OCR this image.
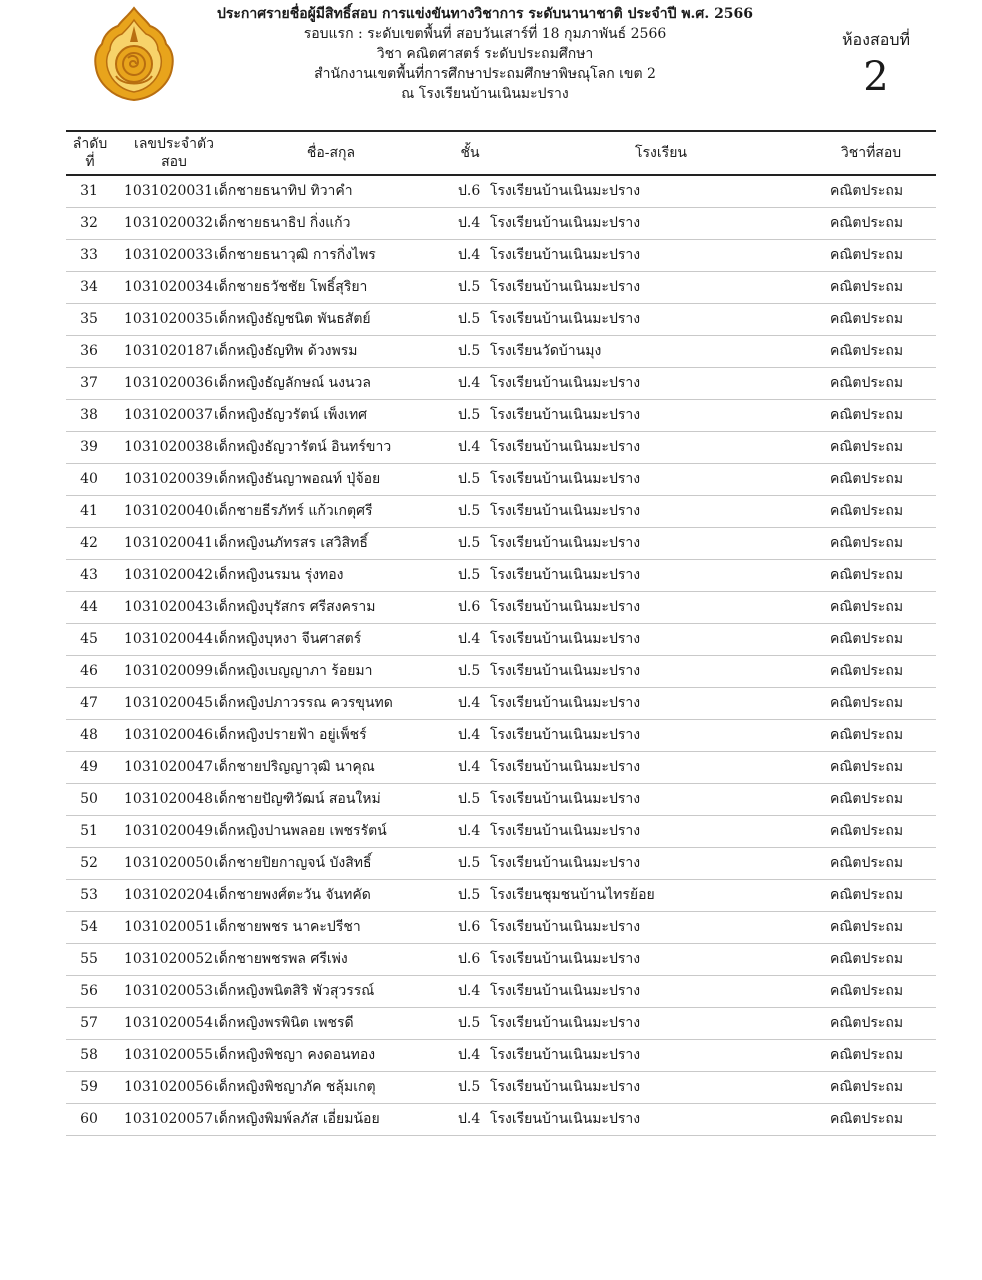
ประกาศรายชื่อผู้มีสิทธิ์สอบ การแข่งขันทางวิชาการ ระดับนานาชาติ ประจำปี พ.ศ. 2566
รอบแรก : ระดับเขตพื้นที่ สอบวันเสาร์ที่ 18 กุมภาพันธ์ 2566
วิชา คณิตศาสตร์ ระดับประถมศึกษา
สำนักงานเขตพื้นที่การศึกษาประถมศึกษาพิษณุโลก เขต 2
ณ โรงเรียนบ้านเนินมะปราง
ห้องสอบที่
2
ลำดับ
ที่
เลขประจำตัว
สอบ
ชื่อ-สกุล	ชั้น	โรงเรียน	วิชาที่สอบ
31	1031020031 เด็กชายธนาทิป ทิวาคำ	ป.6 โรงเรียนบ้านเนินมะปราง	คณิตประถม
32	1031020032 เด็กชายธนาธิป กิ่งแก้ว	ป.4 โรงเรียนบ้านเนินมะปราง	คณิตประถม
33	1031020033 เด็กชายธนาวุฒิ การกิ่งไพร	ป.4 โรงเรียนบ้านเนินมะปราง	คณิตประถม
34	1031020034 เด็กชายธวัชชัย โพธิ์สุริยา	ป.5 โรงเรียนบ้านเนินมะปราง	คณิตประถม
35	1031020035 เด็กหญิงธัญชนิต พันธสัตย์	ป.5 โรงเรียนบ้านเนินมะปราง	คณิตประถม
36	1031020187 เด็กหญิงธัญทิพ ด้วงพรม	ป.5 โรงเรียนวัดบ้านมุง	คณิตประถม
37	1031020036 เด็กหญิงธัญลักษณ์ นงนวล	ป.4 โรงเรียนบ้านเนินมะปราง	คณิตประถม
38	1031020037 เด็กหญิงธัญวรัตน์ เพ็งเทศ	ป.5 โรงเรียนบ้านเนินมะปราง	คณิตประถม
39	1031020038 เด็กหญิงธัญวารัตน์ อินทร์ขาว	ป.4 โรงเรียนบ้านเนินมะปราง	คณิตประถม
40	1031020039 เด็กหญิงธันญาพอณท์ ปุ่จ้อย	ป.5 โรงเรียนบ้านเนินมะปราง	คณิตประถม
41	1031020040 เด็กชายธีรภัทร์ แก้วเกตุศรี	ป.5 โรงเรียนบ้านเนินมะปราง	คณิตประถม
42	1031020041 เด็กหญิงนภัทรสร เสวิสิทธิ์	ป.5 โรงเรียนบ้านเนินมะปราง	คณิตประถม
43	1031020042 เด็กหญิงนรมน รุ่งทอง	ป.5 โรงเรียนบ้านเนินมะปราง	คณิตประถม
44	1031020043 เด็กหญิงบุรัสกร ศรีสงคราม	ป.6 โรงเรียนบ้านเนินมะปราง	คณิตประถม
45	1031020044 เด็กหญิงบุหงา จีนศาสตร์	ป.4 โรงเรียนบ้านเนินมะปราง	คณิตประถม
46	1031020099 เด็กหญิงเบญญาภา ร้อยมา	ป.5 โรงเรียนบ้านเนินมะปราง	คณิตประถม
47	1031020045 เด็กหญิงปภาวรรณ ควรขุนทด	ป.4 โรงเรียนบ้านเนินมะปราง	คณิตประถม
48	1031020046 เด็กหญิงปรายฟ้า อยู่เพ็ชร์	ป.4 โรงเรียนบ้านเนินมะปราง	คณิตประถม
49	1031020047 เด็กชายปริญญาวุฒิ นาคุณ	ป.4 โรงเรียนบ้านเนินมะปราง	คณิตประถม
50	1031020048 เด็กชายปัญฑิวัฒน์ สอนใหม่	ป.5 โรงเรียนบ้านเนินมะปราง	คณิตประถม
51	1031020049 เด็กหญิงปานพลอย เพชรรัตน์	ป.4 โรงเรียนบ้านเนินมะปราง	คณิตประถม
52	1031020050 เด็กชายปิยกาญจน์ บังสิทธิ์	ป.5 โรงเรียนบ้านเนินมะปราง	คณิตประถม
53	1031020204 เด็กชายพงศ์ตะวัน จันทคัด	ป.5 โรงเรียนชุมชนบ้านไทรย้อย	คณิตประถม
54	1031020051 เด็กชายพชร นาคะปรีชา	ป.6 โรงเรียนบ้านเนินมะปราง	คณิตประถม
55	1031020052 เด็กชายพชรพล ศรีเพ่ง	ป.6 โรงเรียนบ้านเนินมะปราง	คณิตประถม
56	1031020053 เด็กหญิงพนิตสิริ พัวสุวรรณ์	ป.4 โรงเรียนบ้านเนินมะปราง	คณิตประถม
57	1031020054 เด็กหญิงพรพินิต เพชรดี	ป.5 โรงเรียนบ้านเนินมะปราง	คณิตประถม
58	1031020055 เด็กหญิงพิชญา คงดอนทอง	ป.4 โรงเรียนบ้านเนินมะปราง	คณิตประถม
59	1031020056 เด็กหญิงพิชญาภัค ชลุ้มเกตุ	ป.5 โรงเรียนบ้านเนินมะปราง	คณิตประถม
60	1031020057 เด็กหญิงพิมพ์ลภัส เอี่ยมน้อย	ป.4 โรงเรียนบ้านเนินมะปราง	คณิตประถม
